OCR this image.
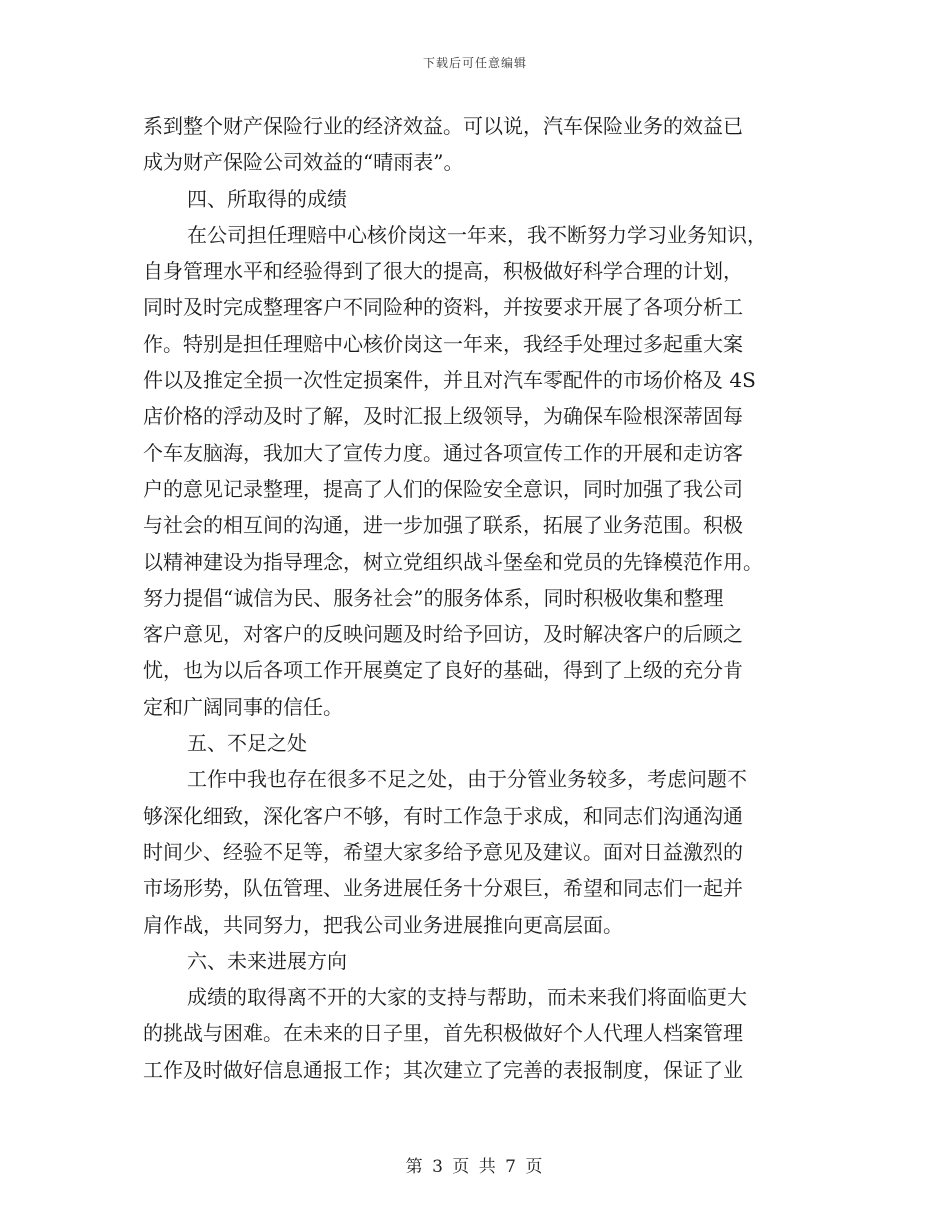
下载后可任意编辑
系到整个财产保险行业的经济效益。可以说，汽车保险业务的效益已
成为财产保险公司效益的“晴雨表”。
四、所取得的成绩
在公司担任理赔中心核价岗这一年来，我不断努力学习业务知识，
自身管理水平和经验得到了很大的提高，积极做好科学合理的计划，
同时及时完成整理客户不同险种的资料，并按要求开展了各项分析工
作。特别是担任理赔中心核价岗这一年来，我经手处理过多起重大案
件以及推定全损一次性定损案件，并且对汽车零配件的市场价格及 4S
店价格的浮动及时了解，及时汇报上级领导，为确保车险根深蒂固每
个车友脑海，我加大了宣传力度。通过各项宣传工作的开展和走访客
户的意见记录整理，提高了人们的保险安全意识，同时加强了我公司
与社会的相互间的沟通，进一步加强了联系，拓展了业务范围。积极
以精神建设为指导理念，树立党组织战斗堡垒和党员的先锋模范作用。
努力提倡“诚信为民、服务社会”的服务体系，同时积极收集和整理
客户意见，对客户的反映问题及时给予回访，及时解决客户的后顾之
忧，也为以后各项工作开展奠定了良好的基础，得到了上级的充分肯
定和广阔同事的信任。
五、不足之处
工作中我也存在很多不足之处，由于分管业务较多，考虑问题不
够深化细致，深化客户不够，有时工作急于求成，和同志们沟通沟通
时间少、经验不足等，希望大家多给予意见及建议。面对日益激烈的
市场形势，队伍管理、业务进展任务十分艰巨，希望和同志们一起并
肩作战，共同努力，把我公司业务进展推向更高层面。
六、未来进展方向
成绩的取得离不开的大家的支持与帮助，而未来我们将面临更大
的挑战与困难。在未来的日子里，首先积极做好个人代理人档案管理
工作及时做好信息通报工作；其次建立了完善的表报制度，保证了业
第 3 页 共 7 页
